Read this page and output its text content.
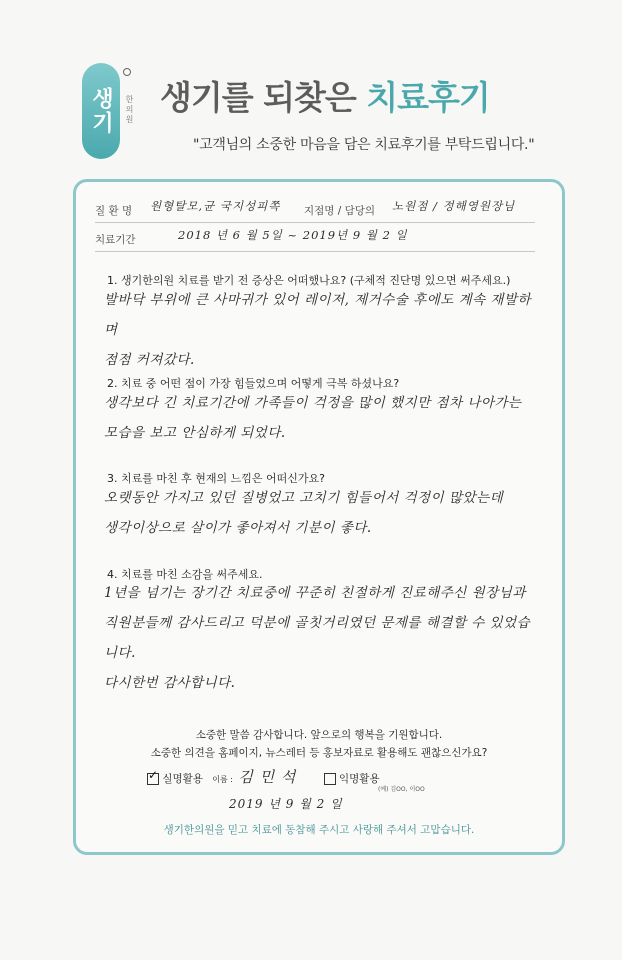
생기 한의원 생기를 되찾은 치료후기
"고객님의 소중한 마음을 담은 치료후기를 부탁드립니다."
질 환 명 원형탈모,균 국지성피쪽 지점명 / 담당의 노원점 / 정해영원장님
치료기간	2018 년 6 월 5일 ~ 2019년 9 월 2 일
1. 생기한의원 치료를 받기 전 증상은 어떠했나요? (구체적 진단명 있으면 써주세요.)
발바닥 부위에 큰 사마귀가 있어 레이저, 제거수술 후에도 계속 재발하며
점점 커져갔다.
2. 치료 중 어떤 점이 가장 힘들었으며 어떻게 극복 하셨나요?
생각보다 긴 치료기간에 가족들이 걱정을 많이 했지만 점차 나아가는
모습을 보고 안심하게 되었다.
3. 치료를 마친 후 현재의 느낌은 어떠신가요?
오랫동안 가지고 있던 질병었고 고치기 힘들어서 걱정이 많았는데
생각이상으로 살이가 좋아져서 기분이 좋다.
4. 치료를 마친 소감을 써주세요.
1년을 넘기는 장기간 치료중에 꾸준히 친절하게 진료해주신 원장님과
직원분들께 감사드리고 덕분에 골칫거리였던 문제를 해결할 수 있었습니다.
다시한번 감사합니다.
소중한 말씀 감사합니다. 앞으로의 행복을 기원합니다.
소중한 의견을 홈페이지, 뉴스레터 등 홍보자료로 활용해도 괜찮으신가요?
✓ 실명활용 이름 : 김 민 석	익명활용
(예) 김OO, 이OO
2019 년 9 월 2 일
생기한의원을 믿고 치료에 동참해 주시고 사랑해 주셔서 고맙습니다.
